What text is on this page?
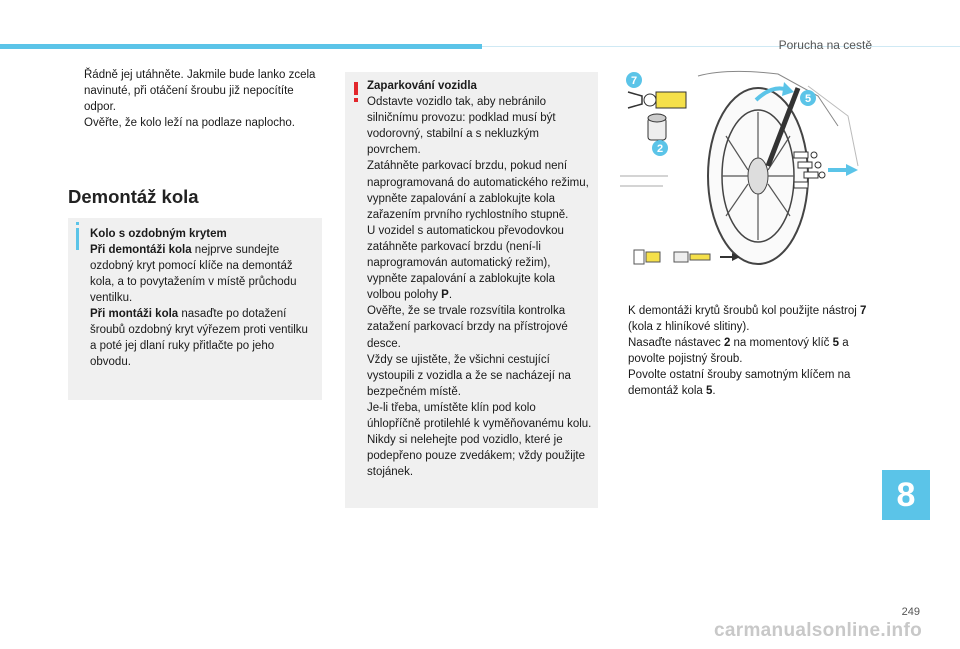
Porucha na cestě
Řádně jej utáhněte. Jakmile bude lanko zcela navinuté, při otáčení šroubu již nepocítíte odpor.
Ověřte, že kolo leží na podlaze naplocho.
Demontáž kola
Kolo s ozdobným krytem
Při demontáži kola nejprve sundejte ozdobný kryt pomocí klíče na demontáž kola, a to povytažením v místě průchodu ventilku.
Při montáži kola nasaďte po dotažení šroubů ozdobný kryt výřezem proti ventilku a poté jej dlaní ruky přitlačte po jeho obvodu.
Zaparkování vozidla
Odstavte vozidlo tak, aby nebránilo silničnímu provozu: podklad musí být vodorovný, stabilní a s nekluzkým povrchem.
Zatáhněte parkovací brzdu, pokud není naprogramovaná do automatického režimu, vypněte zapalování a zablokujte kola zařazením prvního rychlostního stupně.
U vozidel s automatickou převodovkou zatáhněte parkovací brzdu (není-li naprogramován automatický režim), vypněte zapalování a zablokujte kola volbou polohy P.
Ověřte, že se trvale rozsvítila kontrolka zatažení parkovací brzdy na přístrojové desce.
Vždy se ujistěte, že všichni cestující vystoupili z vozidla a že se nacházejí na bezpečném místě.
Je-li třeba, umístěte klín pod kolo úhlopříčně protilehlé k vyměňovanému kolu.
Nikdy si nelehejte pod vozidlo, které je podepřeno pouze zvedákem; vždy použijte stojánek.
7
5
2
K demontáži krytů šroubů kol použijte nástroj 7 (kola z hliníkové slitiny).
Nasaďte nástavec 2 na momentový klíč 5 a povolte pojistný šroub.
Povolte ostatní šrouby samotným klíčem na demontáž kola 5.
8
249
carmanualsonline.info
